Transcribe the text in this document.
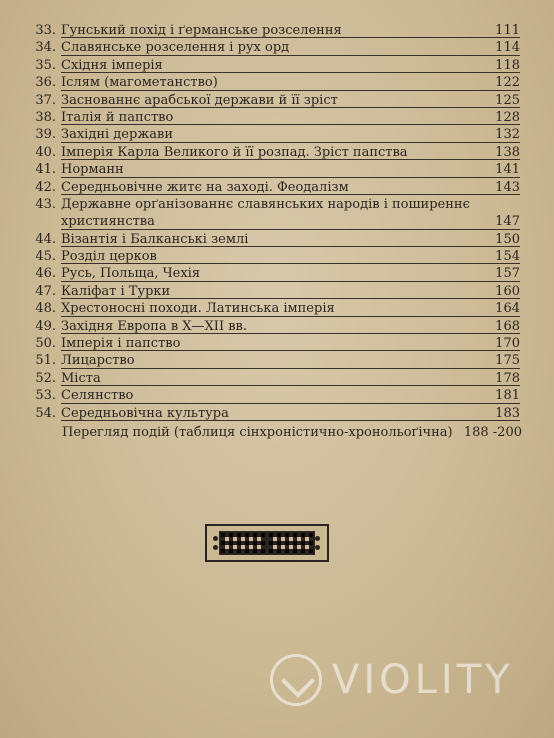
33. Гунський похід і ґерманське розселення	111
34. Славянське розселення і рух орд	114
35. Східня імперія	118
36. Іслям (магометанство)	122
37. Заснованнє арабської держави й її зріст	125
38. Італія й папство	128
39. Західні держави	132
40. Імперія Карла Великого й її розпад. Зріст папства	138
41. Норманн	141
42. Середньовічне житє на заході. Феодалізм	143
43. Державне орґанізованнє славянських народів і поширеннє
християнства	147
44. Візантія і Балканські землі	150
45. Розділ церков	154
46. Русь, Польща, Чехія	157
47. Каліфат і Турки	160
48. Хрестоносні походи. Латинська імперія	164
49. Західня Европа в X—XII вв.	168
50. Імперія і папство	170
51. Лицарство	175
52. Міста	178
53. Селянство	181
54. Середньовічна культура	183
Перегляд подій (таблиця сінхроністично-хронольоґічна) 188 -200
VIOLITY
